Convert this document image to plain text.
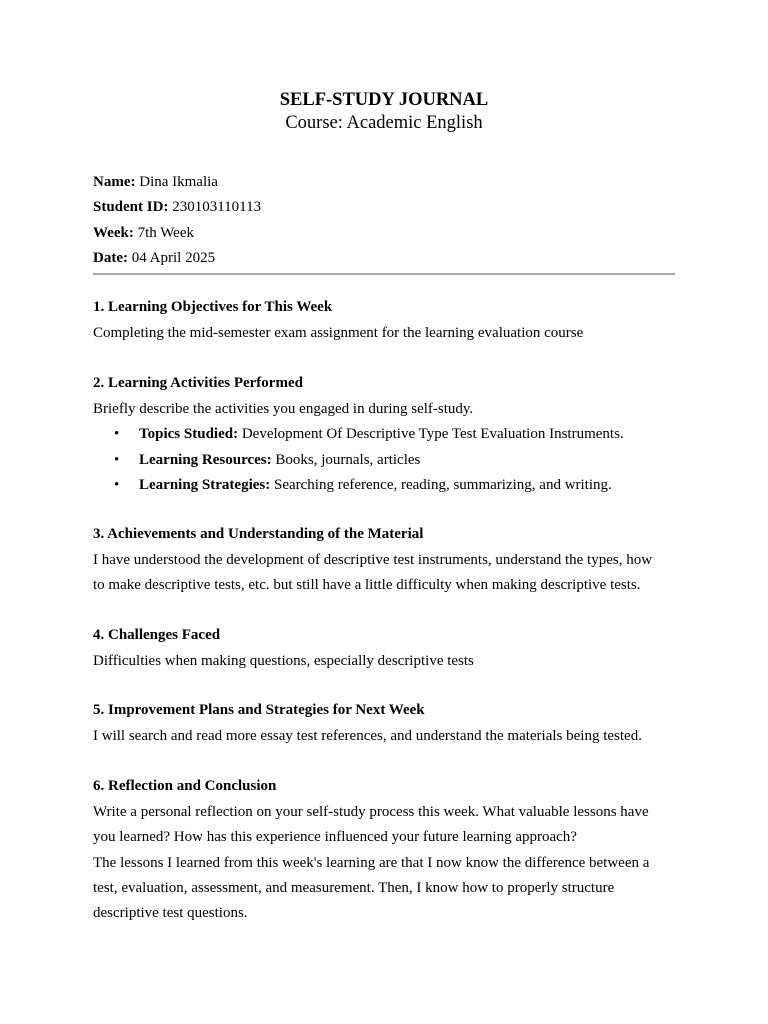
SELF-STUDY JOURNAL
Course: Academic English
Name: Dina Ikmalia
Student ID: 230103110113
Week: 7th Week
Date: 04 April 2025
1. Learning Objectives for This Week

Completing the mid-semester exam assignment for the learning evaluation course

2. Learning Activities Performed

Briefly describe the activities you engaged in during self-study.

• Topics Studied: Development Of Descriptive Type Test Evaluation Instruments.
• Learning Resources: Books, journals, articles
• Learning Strategies: Searching reference, reading, summarizing, and writing.
3. Achievements and Understanding of the Material

I have understood the development of descriptive test instruments, understand the types, how

to make descriptive tests, etc. but still have a little difficulty when making descriptive tests.

4. Challenges Faced

Difficulties when making questions, especially descriptive tests

5. Improvement Plans and Strategies for Next Week

I will search and read more essay test references, and understand the materials being tested.

6. Reflection and Conclusion

Write a personal reflection on your self-study process this week. What valuable lessons have

you learned? How has this experience influenced your future learning approach?

The lessons I learned from this week's learning are that I now know the difference between a

test, evaluation, assessment, and measurement. Then, I know how to properly structure

descriptive test questions.
